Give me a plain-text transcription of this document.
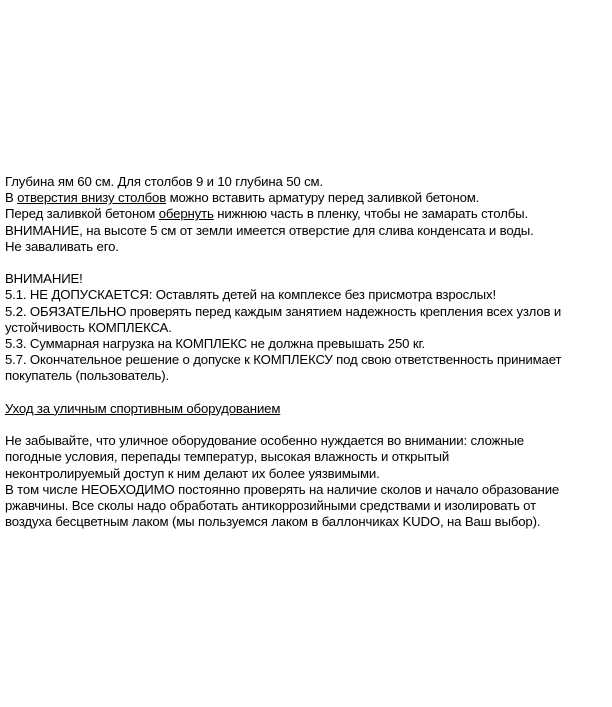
Глубина ям 60 см. Для столбов 9 и 10 глубина 50 см.
В отверстия внизу столбов можно вставить арматуру перед заливкой бетоном.
Перед заливкой бетоном обернуть нижнюю часть в пленку, чтобы не замарать столбы.
ВНИМАНИЕ, на высоте 5 см от земли имеется отверстие для слива конденсата и воды.
Не заваливать его.
ВНИМАНИЕ!
5.1. НЕ ДОПУСКАЕТСЯ: Оставлять детей на комплексе без присмотра взрослых!
5.2. ОБЯЗАТЕЛЬНО проверять перед каждым занятием надежность крепления всех узлов и
устойчивость КОМПЛЕКСА.
5.3. Суммарная нагрузка на КОМПЛЕКС не должна превышать 250 кг.
5.7. Окончательное решение о допуске к КОМПЛЕКСУ под свою ответственность принимает
покупатель (пользователь).
Уход за уличным спортивным оборудованием
Не забывайте, что уличное оборудование особенно нуждается во внимании: сложные
погодные условия, перепады температур, высокая влажность и открытый
неконтролируемый доступ к ним делают их более уязвимыми.
В том числе НЕОБХОДИМО постоянно проверять на наличие сколов и начало образование
ржавчины. Все сколы надо обработать антикоррозийными средствами и изолировать от
воздуха бесцветным лаком (мы пользуемся лаком в баллончиках KUDO, на Ваш выбор).
